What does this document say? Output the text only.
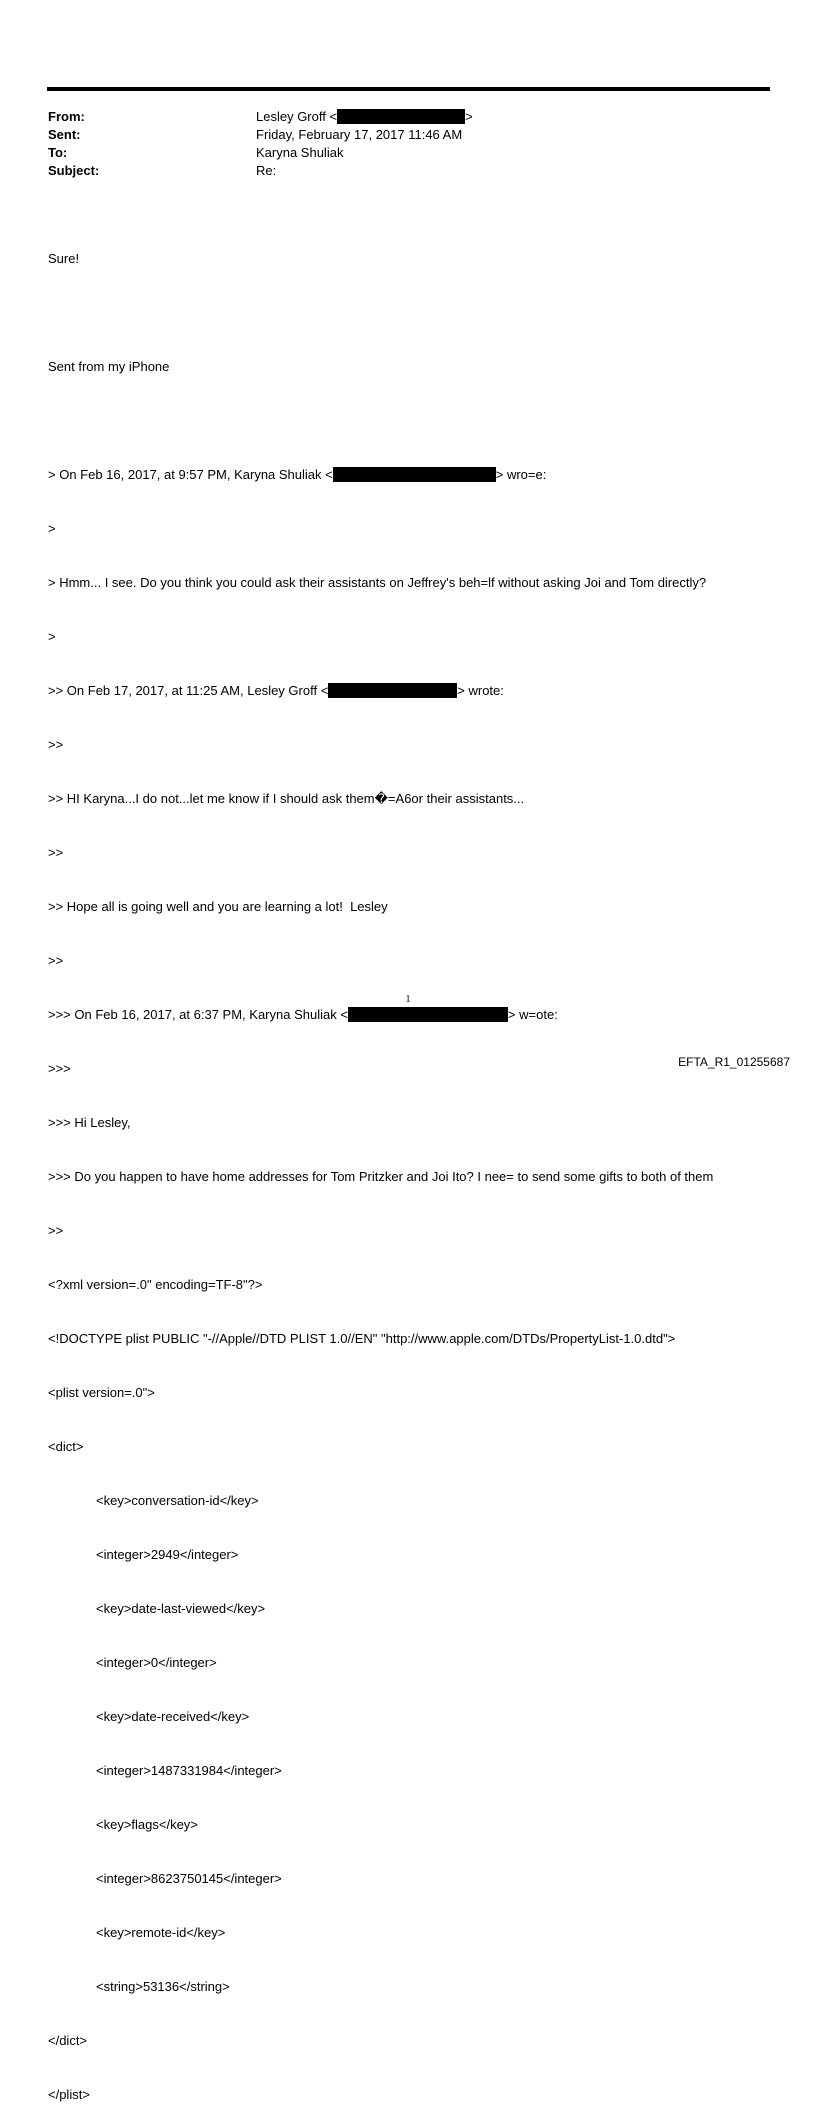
From:	Lesley Groff <	>
Sent:	Friday, February 17, 2017 11:46 AM
To:	Karyna Shuliak
Subject:	Re:

Sure!

Sent from my iPhone

> On Feb 16, 2017, at 9:57 PM, Karyna Shuliak <	> wro=e:

>

> Hmm... I see. Do you think you could ask their assistants on Jeffrey's beh=lf without asking Joi and Tom directly?

>

>> On Feb 17, 2017, at 11:25 AM, Lesley Groff <	> wrote:

>>

>> HI Karyna...I do not...let me know if I should ask them�=A6or their assistants...

>>

>> Hope all is going well and you are learning a lot!  Lesley

>>

>>> On Feb 16, 2017, at 6:37 PM, Karyna Shuliak <	> w=ote:

>>>

>>> Hi Lesley,

>>> Do you happen to have home addresses for Tom Pritzker and Joi Ito? I nee= to send some gifts to both of them

>>

<?xml version=.0" encoding=TF-8"?>

<!DOCTYPE plist PUBLIC "-//Apple//DTD PLIST 1.0//EN" "http://www.apple.com/DTDs/PropertyList-1.0.dtd">

<plist version=.0">

<dict>

<key>conversation-id</key>

<integer>2949</integer>

<key>date-last-viewed</key>

<integer>0</integer>

<key>date-received</key>

<integer>1487331984</integer>

<key>flags</key>

<integer>8623750145</integer>

<key>remote-id</key>

<string>53136</string>

</dict>

</plist>

1
EFTA_R1_01255687
